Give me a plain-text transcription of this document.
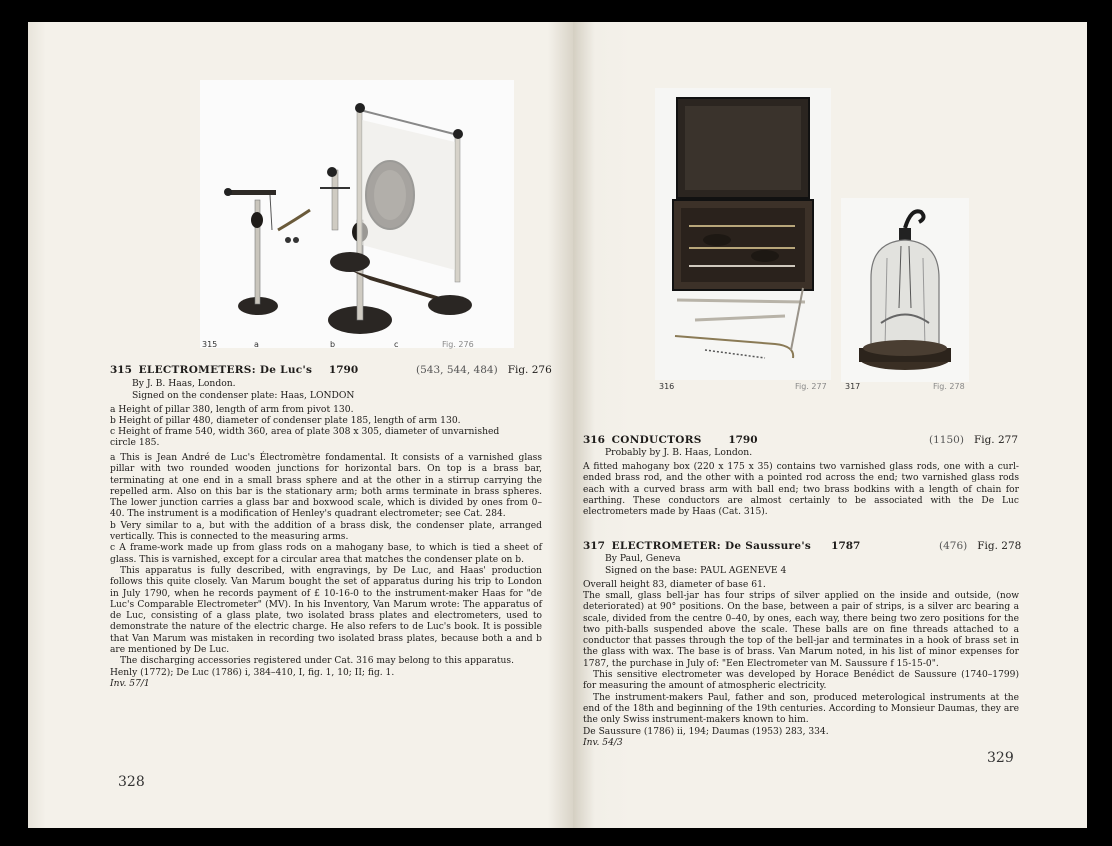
315	a	b	c	Fig. 276
315 ELECTROMETERS: De Luc's 1790	(543, 544, 484) Fig. 276
By J. B. Haas, London.
Signed on the condenser plate: Haas, LONDON
a Height of pillar 380, length of arm from pivot 130.
b Height of pillar 480, diameter of condenser plate 185, length of arm 130.
c Height of frame 540, width 360, area of plate 308 x 305, diameter of unvarnished
circle 185.

a This is Jean André de Luc's Électromètre fondamental. It consists of a varnished glass pillar with two rounded wooden junctions for horizontal bars. On top is a brass bar, terminating at one end in a small brass sphere and at the other in a stirrup carrying the repelled arm. Also on this bar is the stationary arm; both arms terminate in brass spheres. The lower junction carries a glass bar and boxwood scale, which is divided by ones from 0–40. The instrument is a modification of Henley's quadrant electrometer; see Cat. 284.

b Very similar to a, but with the addition of a brass disk, the condenser plate, arranged vertically. This is connected to the measuring arms.

c A frame-work made up from glass rods on a mahogany base, to which is tied a sheet of glass. This is varnished, except for a circular area that matches the condenser plate on b.

This apparatus is fully described, with engravings, by De Luc, and Haas' production follows this quite closely. Van Marum bought the set of apparatus during his trip to London in July 1790, when he records payment of £ 10-16-0 to the instrument-maker Haas for "de Luc's Comparable Electrometer" (MV). In his Inventory, Van Marum wrote: The apparatus of de Luc, consisting of a glass plate, two isolated brass plates and electrometers, used to demonstrate the nature of the electric charge. He also refers to de Luc's book. It is possible that Van Marum was mistaken in recording two isolated brass plates, because both a and b are mentioned by De Luc.

The discharging accessories registered under Cat. 316 may belong to this apparatus.

Henly (1772); De Luc (1786) i, 384–410, I, fig. 1, 10; II; fig. 1.

Inv. 57/1

328
316	Fig. 277 317	Fig. 278
316 CONDUCTORS	1790	(1150) Fig. 277
Probably by J. B. Haas, London.
A fitted mahogany box (220 x 175 x 35) contains two varnished glass rods, one with a curl-ended brass rod, and the other with a pointed rod across the end; two varnished glass rods each with a curved brass arm with ball end; two brass bodkins with a length of chain for earthing. These conductors are almost certainly to be associated with the De Luc electrometers made by Haas (Cat. 315).
317 ELECTROMETER: De Saussure's 1787	(476) Fig. 278
By Paul, Geneva
Signed on the base: PAUL AGENEVE 4
Overall height 83, diameter of base 61.

The small, glass bell-jar has four strips of silver applied on the inside and outside, (now deteriorated) at 90° positions. On the base, between a pair of strips, is a silver arc bearing a scale, divided from the centre 0–40, by ones, each way, there being two zero positions for the two pith-balls suspended above the scale. These balls are on fine threads attached to a conductor that passes through the top of the bell-jar and terminates in a hook of brass set in the glass with wax. The base is of brass. Van Marum noted, in his list of minor expenses for 1787, the purchase in July of: "Een Electrometer van M. Saussure f 15-15-0".

This sensitive electrometer was developed by Horace Benédict de Saussure (1740–1799) for measuring the amount of atmospheric electricity.

The instrument-makers Paul, father and son, produced meterological instruments at the end of the 18th and beginning of the 19th centuries. According to Monsieur Daumas, they are the only Swiss instrument-makers known to him.

De Saussure (1786) ii, 194; Daumas (1953) 283, 334.

Inv. 54/3

329
